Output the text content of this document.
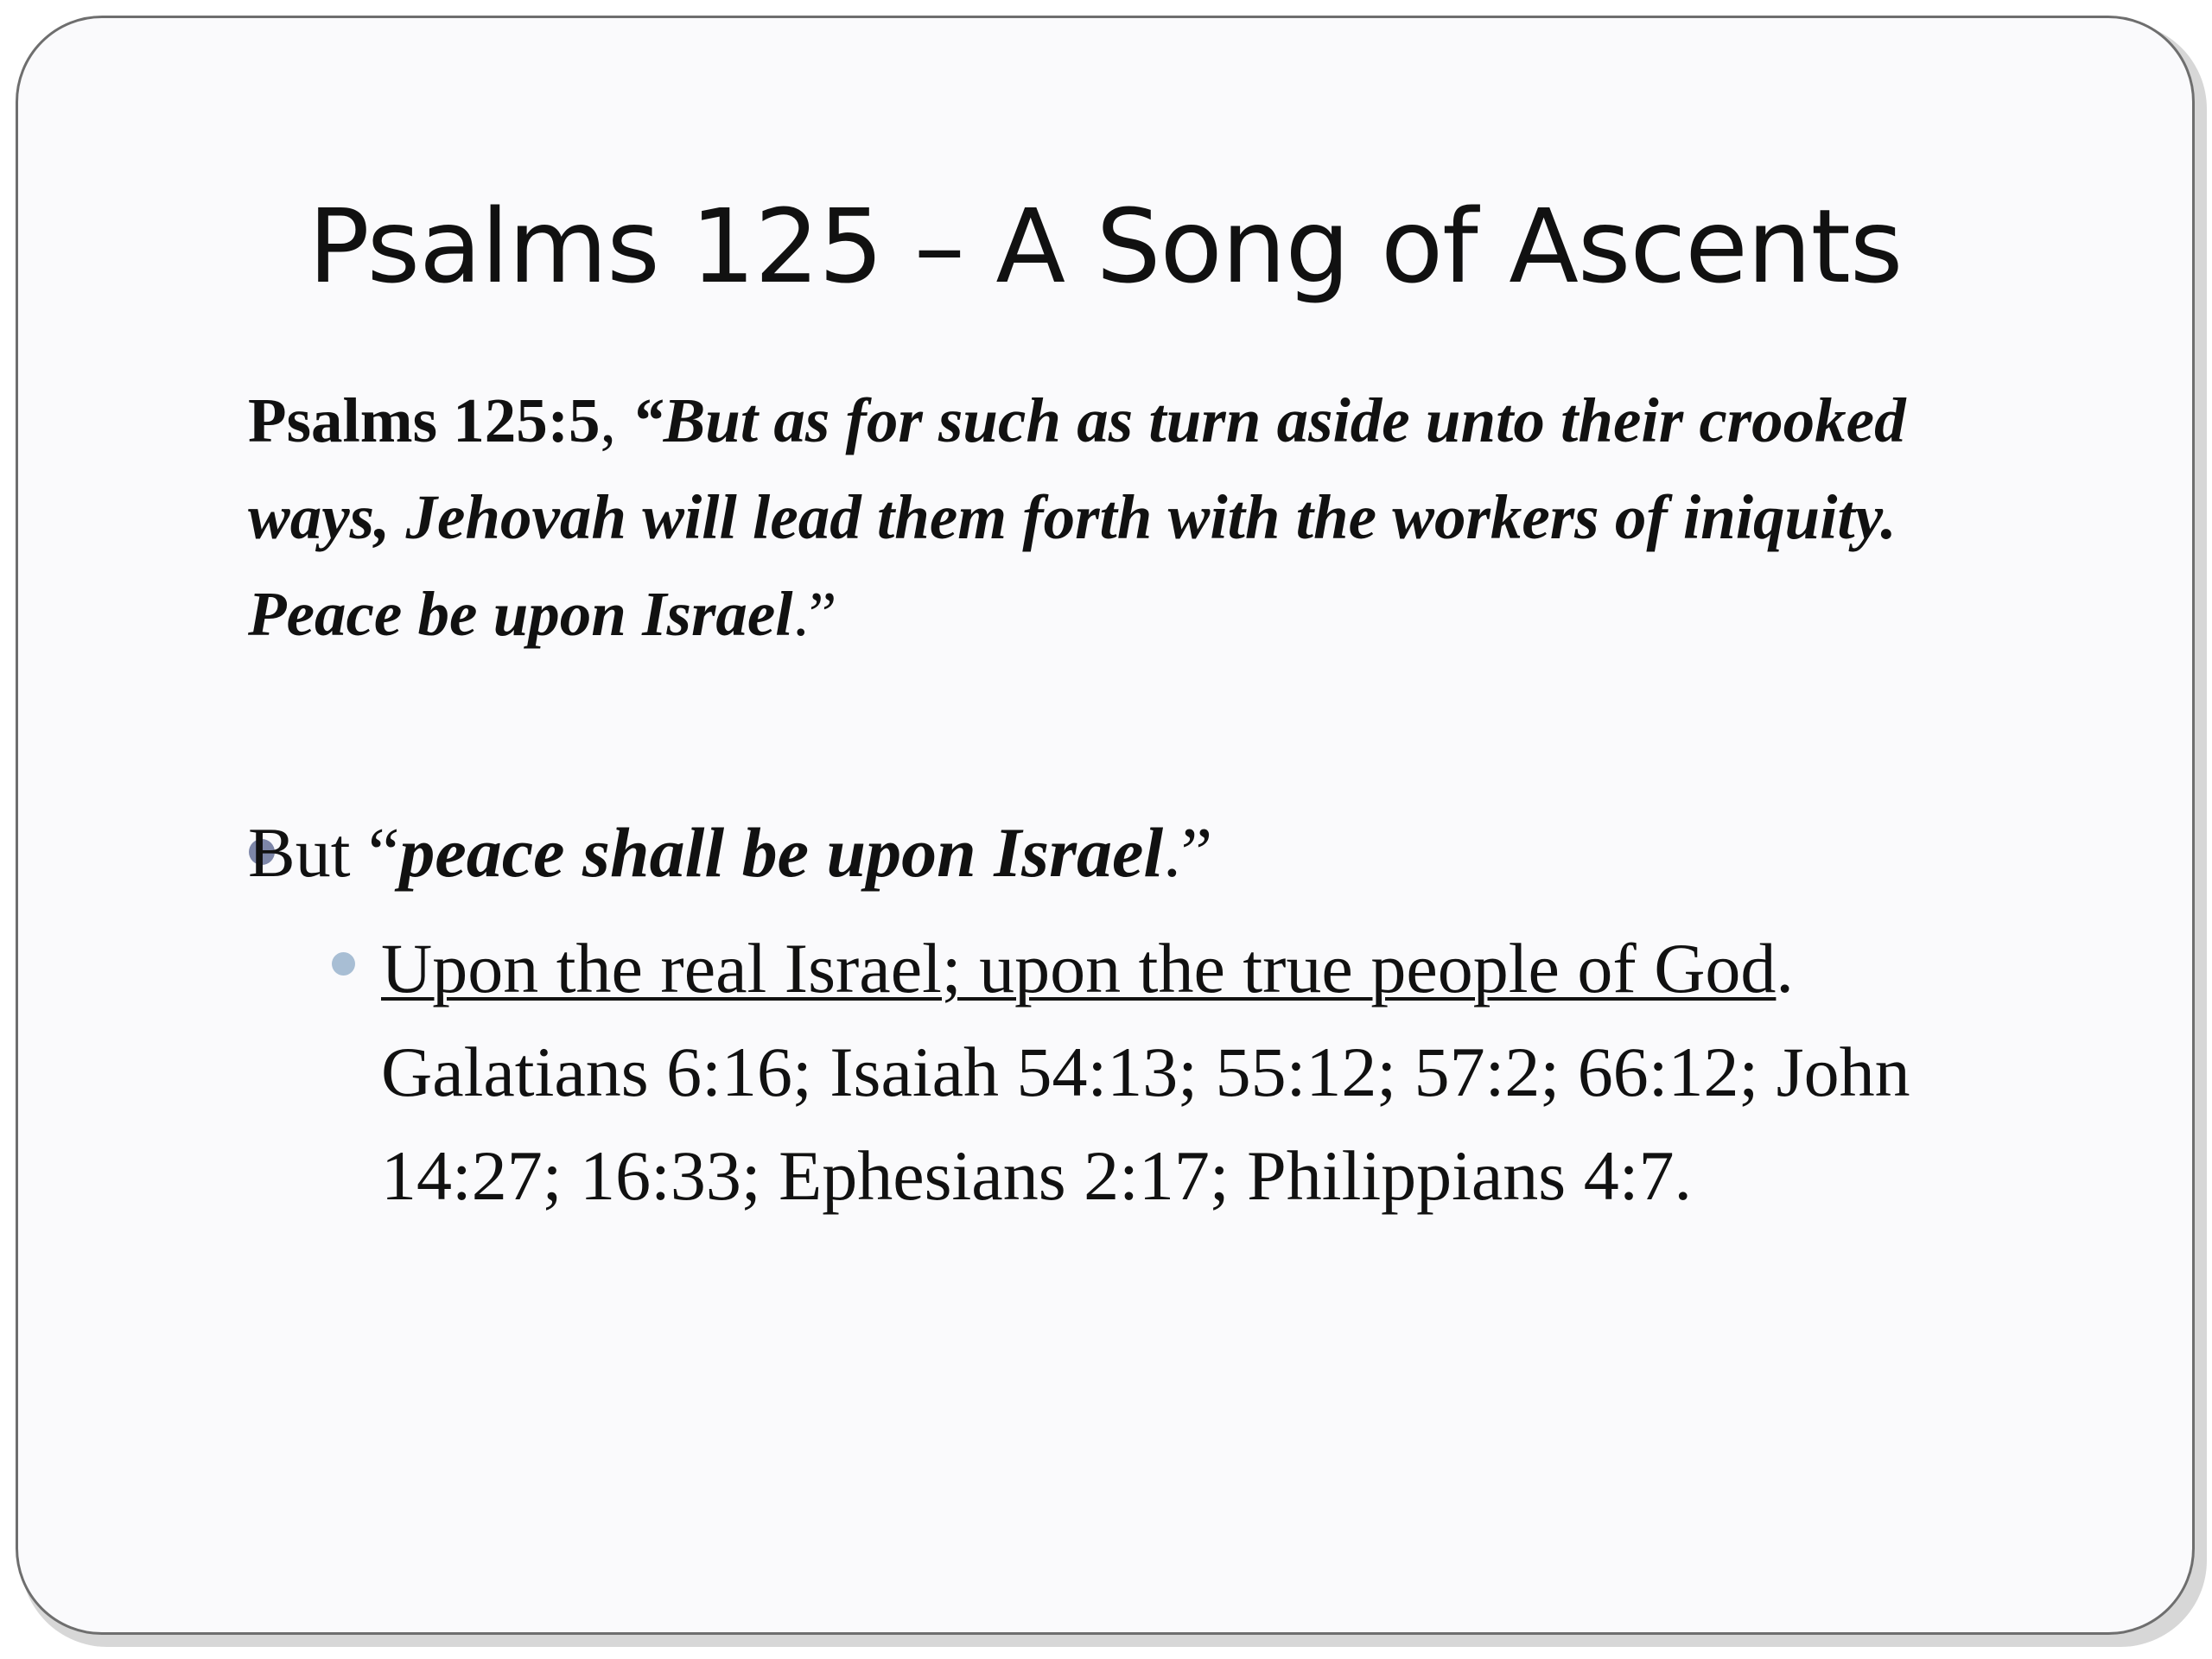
Psalms 125 – A Song of Ascents
Psalms 125:5, “But as for such as turn aside unto their crooked ways, Jehovah will lead them forth with the workers of iniquity. Peace be upon Israel.”
But “peace shall be upon Israel.”
Upon the real Israel; upon the true people of God. Galatians 6:16; Isaiah 54:13; 55:12; 57:2; 66:12; John 14:27; 16:33; Ephesians 2:17; Philippians 4:7.
